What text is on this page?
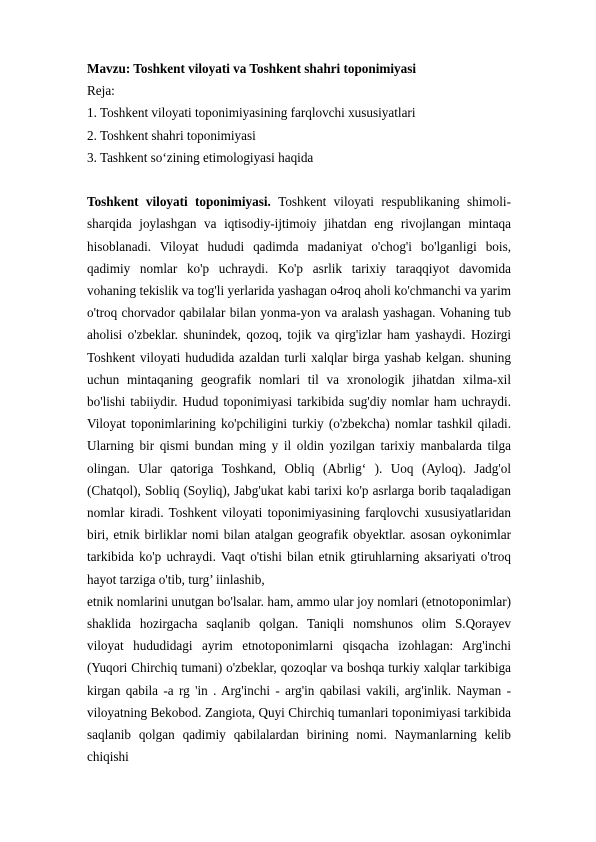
Mavzu: Toshkent viloyati va Toshkent shahri toponimiyasi
Reja:
1. Toshkent viloyati toponimiyasining farqlovchi xususiyatlari
2. Toshkent shahri toponimiyasi
3. Tashkent so‘zining etimologiyasi haqida
Toshkent viloyati toponimiyasi. Toshkent viloyati respublikaning shimoli-sharqida joylashgan va iqtisodiy-ijtimoiy jihatdan eng rivojlangan mintaqa hisoblanadi. Viloyat hududi qadimda madaniyat o'chog'i bo'lganligi bois, qadimiy nomlar ko'p uchraydi. Ko'p asrlik tarixiy taraqqiyot davomida vohaning tekislik va tog'li yerlarida yashagan o4roq aholi ko'chmanchi va yarim o'troq chorvador qabilalar bilan yonma-yon va aralash yashagan. Vohaning tub aholisi o'zbeklar. shunindek, qozoq, tojik va qirg'izlar ham yashaydi. Hozirgi Toshkent viloyati hududida azaldan turli xalqlar birga yashab kelgan. shuning uchun mintaqaning geografik nomlari til va xronologik jihatdan xilma-xil bo'lishi tabiiydir. Hudud toponimiyasi tarkibida sug'diy nomlar ham uchraydi. Viloyat toponimlarining ko'pchiligini turkiy (o'zbekcha) nomlar tashkil qiladi. Ularning bir qismi bundan ming y il oldin yozilgan tarixiy manbalarda tilga olingan. Ular qatoriga Toshkand, Obliq (Abrlig‘ ). Uoq (Ayloq). Jadg'ol (Chatqol), Sobliq (Soyliq), Jabg'ukat kabi tarixi ko'p asrlarga borib taqaladigan nomlar kiradi. Toshkent viloyati toponimiyasining farqlovchi xususiyatlaridan biri, etnik birliklar nomi bilan atalgan geografik obyektlar. asosan oykonimlar tarkibida ko'p uchraydi. Vaqt o'tishi bilan etnik gtiruhlarning aksariyati o'troq hayot tarziga o'tib, turg’ iinlashib,
etnik nomlarini unutgan bo'lsalar. ham, ammo ular joy nomlari (etnotoponimlar) shaklida hozirgacha saqlanib qolgan. Taniqli nomshunos olim S.Qorayev viloyat hududidagi ayrim etnotoponimlarni qisqacha izohlagan: Arg'inchi (Yuqori Chirchiq tumani) o'zbeklar, qozoqlar va boshqa turkiy xalqlar tarkibiga kirgan qabila -a rg 'in . Arg'inchi - arg'in qabilasi vakili, arg'inlik. Nayman - viloyatning Bekobod. Zangiota, Quyi Chirchiq tumanlari toponimiyasi tarkibida saqlanib qolgan qadimiy qabilalardan birining nomi. Naymanlarning kelib chiqishi
